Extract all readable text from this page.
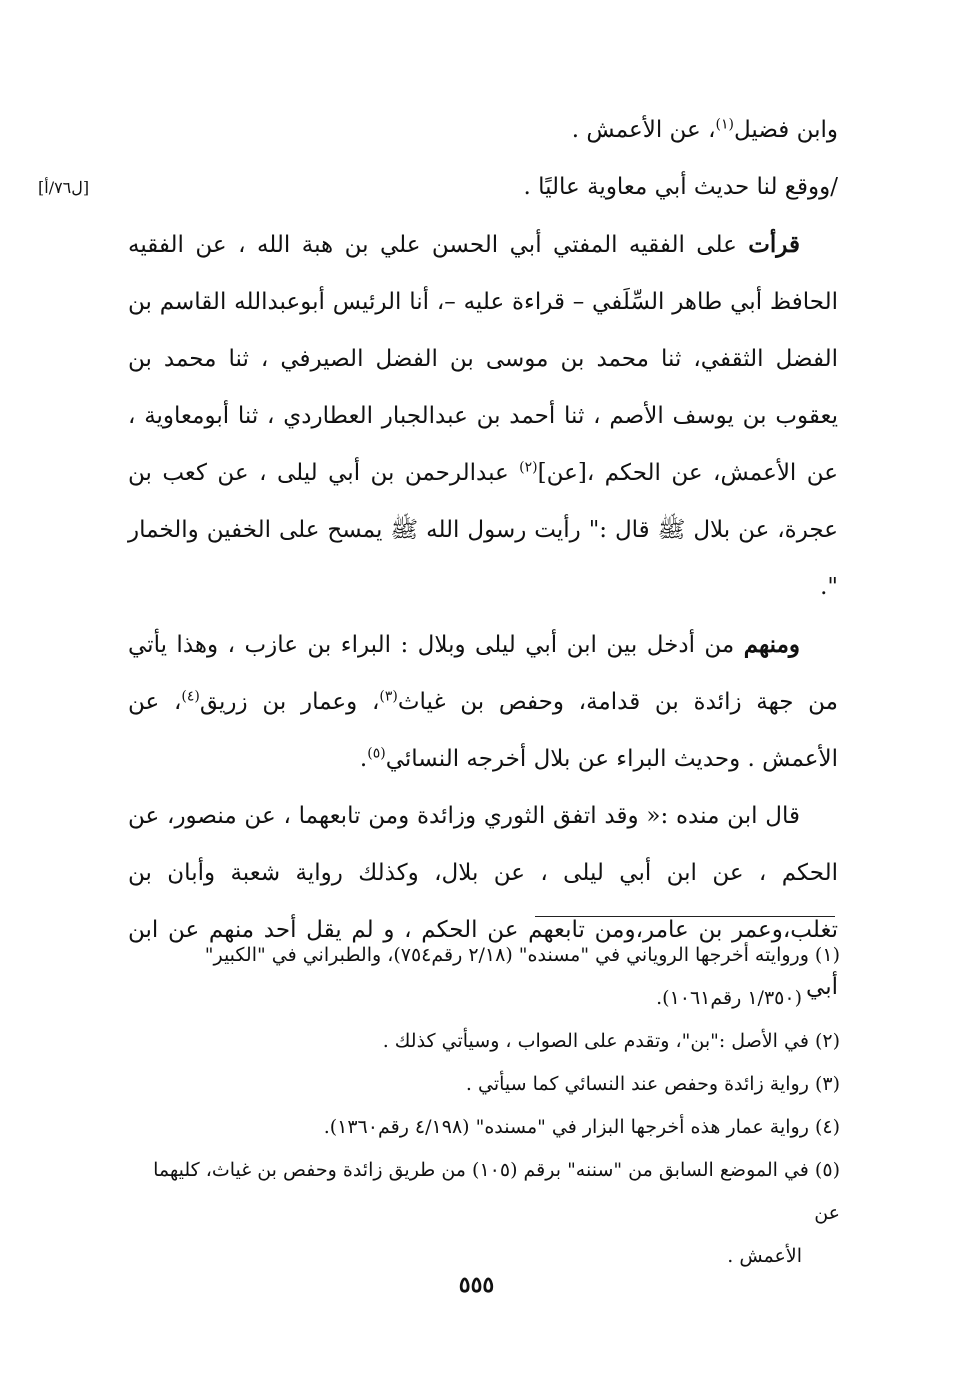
[ل٧٦/أ]

وابن فضيل$^{(١)}$، عن الأعمش .

/ووقع لنا حديث أبي معاوية عاليًا .

قرأت على الفقيه المفتي أبي الحسن علي بن هبة الله ، عن الفقيه الحافظ أبي طاهر السِّلَفي – قراءة عليه –، أنا الرئيس أبوعبدالله القاسم بن الفضل الثقفي، ثنا محمد بن موسى بن الفضل الصيرفي ، ثنا محمد بن يعقوب بن يوسف الأصم ، ثنا أحمد بن عبدالجبار العطاردي ، ثنا أبومعاوية ، عن الأعمش، عن الحكم ،[عن]$^{(٢)}$ عبدالرحمن بن أبي ليلى ، عن كعب بن عجرة، عن بلال ﷺ قال :" رأيت رسول الله ﷺ يمسح على الخفين والخمار ".

ومنهم من أدخل بين ابن أبي ليلى وبلال : البراء بن عازب ، وهذا يأتي من جهة زائدة بن قدامة، وحفص بن غياث$^{(٣)}$، وعمار بن زريق$^{(٤)}$، عن الأعمش . وحديث البراء عن بلال أخرجه النسائي$^{(٥)}$.

قال ابن منده :« وقد اتفق الثوري وزائدة ومن تابعهما ، عن منصور، عن الحكم ، عن ابن أبي ليلى ، عن بلال، وكذلك رواية شعبة وأبان بن تغلب،وعمر بن عامر،ومن تابعهم عن الحكم ، و لم يقل أحد منهم عن ابن أبي

(١) وروايته أخرجها الروياني في "مسنده" (٢/١٨ رقم٧٥٤)، والطبراني في "الكبير"

(١/٣٥٠ رقم١٠٦١).

(٢) في الأصل :"بن"، وتقدم على الصواب ، وسيأتي كذلك .

(٣) رواية زائدة وحفص عند النسائي كما سيأتي .

(٤) رواية عمار هذه أخرجها البزار في "مسنده" (٤/١٩٨ رقم١٣٦٠).

(٥) في الموضع السابق من "سننه" برقم (١٠٥) من طريق زائدة وحفص بن غياث، كليهما عن

الأعمش .

٥٥٥
